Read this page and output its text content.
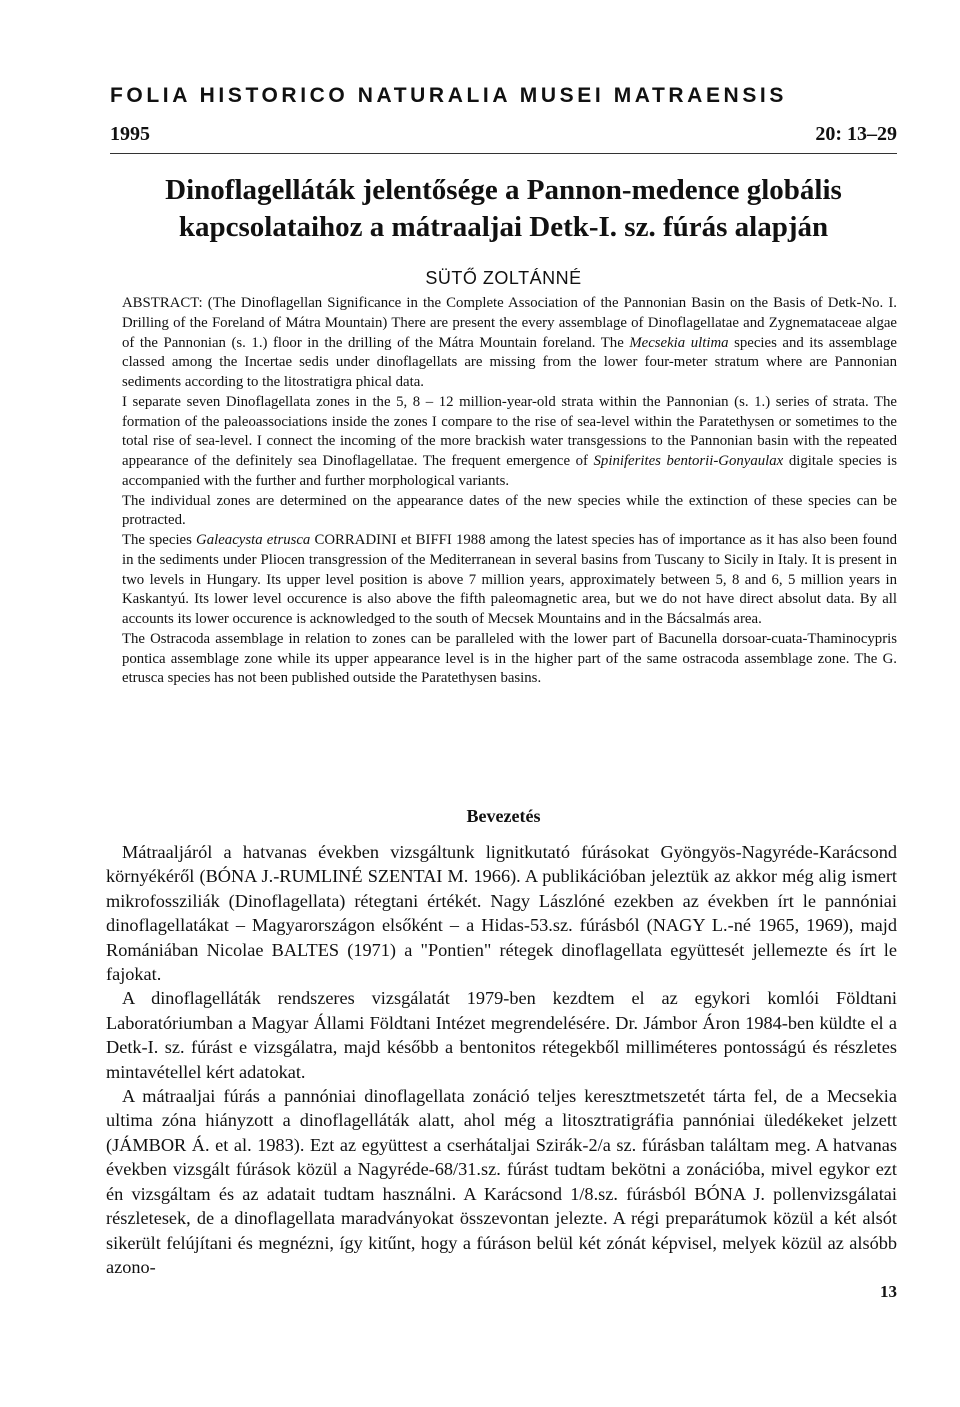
FOLIA HISTORICO NATURALIA MUSEI MATRAENSIS
1995	20: 13–29
Dinoflagelláták jelentősége a Pannon-medence globális
kapcsolataihoz a mátraaljai Detk-I. sz. fúrás alapján
SÜTŐ ZOLTÁNNÉ

ABSTRACT: (The Dinoflagellan Significance in the Complete Association of the Pannonian Basin on the Basis of Detk-No. I. Drilling of the Foreland of Mátra Mountain) There are present the every assemblage of Dinoflagellatae and Zygnemataceae algae of the Pannonian (s. 1.) floor in the drilling of the Mátra Mountain foreland. The Mecsekia ultima species and its assemblage classed among the Incertae sedis under dinoflagellats are missing from the lower four-meter stratum where are Pannonian sediments according to the litostratigra phical data.

I separate seven Dinoflagellata zones in the 5, 8 – 12 million-year-old strata within the Pannonian (s. 1.) series of strata. The formation of the paleoassociations inside the zones I compare to the rise of sea-level within the Paratethysen or sometimes to the total rise of sea-level. I connect the incoming of the more brackish water transgessions to the Pannonian basin with the repeated appearance of the definitely sea Dinoflagellatae. The frequent emergence of Spiniferites bentorii-Gonyaulax digitale species is accompanied with the further and further morphological variants.

The individual zones are determined on the appearance dates of the new species while the extinction of these species can be protracted.

The species Galeacysta etrusca CORRADINI et BIFFI 1988 among the latest species has of importance as it has also been found in the sediments under Pliocen transgression of the Mediterranean in several basins from Tuscany to Sicily in Italy. It is present in two levels in Hungary. Its upper level position is above 7 million years, approximately between 5, 8 and 6, 5 million years in Kaskantyú. Its lower level occurence is also above the fifth paleomagnetic area, but we do not have direct absolut data. By all accounts its lower occurence is acknowledged to the south of Mecsek Mountains and in the Bácsalmás area.

The Ostracoda assemblage in relation to zones can be paralleled with the lower part of Bacunella dorsoar-cuata-Thaminocypris pontica assemblage zone while its upper appearance level is in the higher part of the same ostracoda assemblage zone. The G. etrusca species has not been published outside the Paratethysen basins.

Bevezetés

Mátraaljáról a hatvanas években vizsgáltunk lignitkutató fúrásokat Gyöngyös-Nagyréde-Karácsond környékéről (BÓNA J.-RUMLINÉ SZENTAI M. 1966). A publikációban jeleztük az akkor még alig ismert mikrofossziliák (Dinoflagellata) rétegtani értékét. Nagy Lászlóné ezekben az években írt le pannóniai dinoflagellatákat – Magyarországon elsőként – a Hidas-53.sz. fúrásból (NAGY L.-né 1965, 1969), majd Romániában Nicolae BALTES (1971) a "Pontien" rétegek dinoflagellata együttesét jellemezte és írt le fajokat.

A dinoflagelláták rendszeres vizsgálatát 1979-ben kezdtem el az egykori komlói Földtani Laboratóriumban a Magyar Állami Földtani Intézet megrendelésére. Dr. Jámbor Áron 1984-ben küldte el a Detk-I. sz. fúrást e vizsgálatra, majd később a bentonitos rétegekből milliméteres pontosságú és részletes mintavétellel kért adatokat.

A mátraaljai fúrás a pannóniai dinoflagellata zonáció teljes keresztmetszetét tárta fel, de a Mecsekia ultima zóna hiányzott a dinoflagelláták alatt, ahol még a litosztratigráfia pannóniai üledékeket jelzett (JÁMBOR Á. et al. 1983). Ezt az együttest a cserhátaljai Szirák-2/a sz. fúrásban találtam meg. A hatvanas években vizsgált fúrások közül a Nagyréde-68/31.sz. fúrást tudtam bekötni a zonációba, mivel egykor ezt én vizsgáltam és az adatait tudtam használni. A Karácsond 1/8.sz. fúrásból BÓNA J. pollenvizsgálatai részletesek, de a dinoflagellata maradványokat összevontan jelezte. A régi preparátumok közül a két alsót sikerült felújítani és megnézni, így kitűnt, hogy a fúráson belül két zónát képvisel, melyek közül az alsóbb azono-

13
